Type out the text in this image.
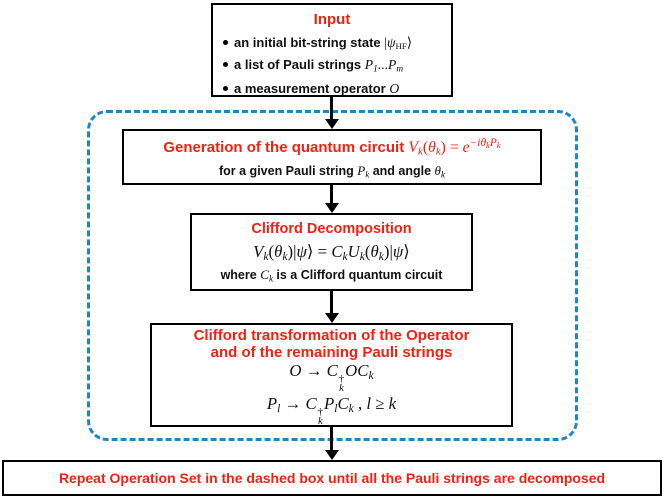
Input
an initial bit-string state |ψHF⟩
a list of Pauli strings P1...Pm
a measurement operator O
Generation of the quantum circuit $Vk(\theta k) = e^{-i\theta_kP_k}$
for a given Pauli string Pk and angle θk
Clifford Decomposition
Vk(θk)|ψ⟩ = CkUk(θk)|ψ⟩
where Ck is a Clifford quantum circuit
Clifford transformation of the Operator
and of the remaining Pauli strings
O → C †
k
OCk
Pl → C †
k
PlCk , l ≥ k
Repeat Operation Set in the dashed box until all the Pauli strings are decomposed
